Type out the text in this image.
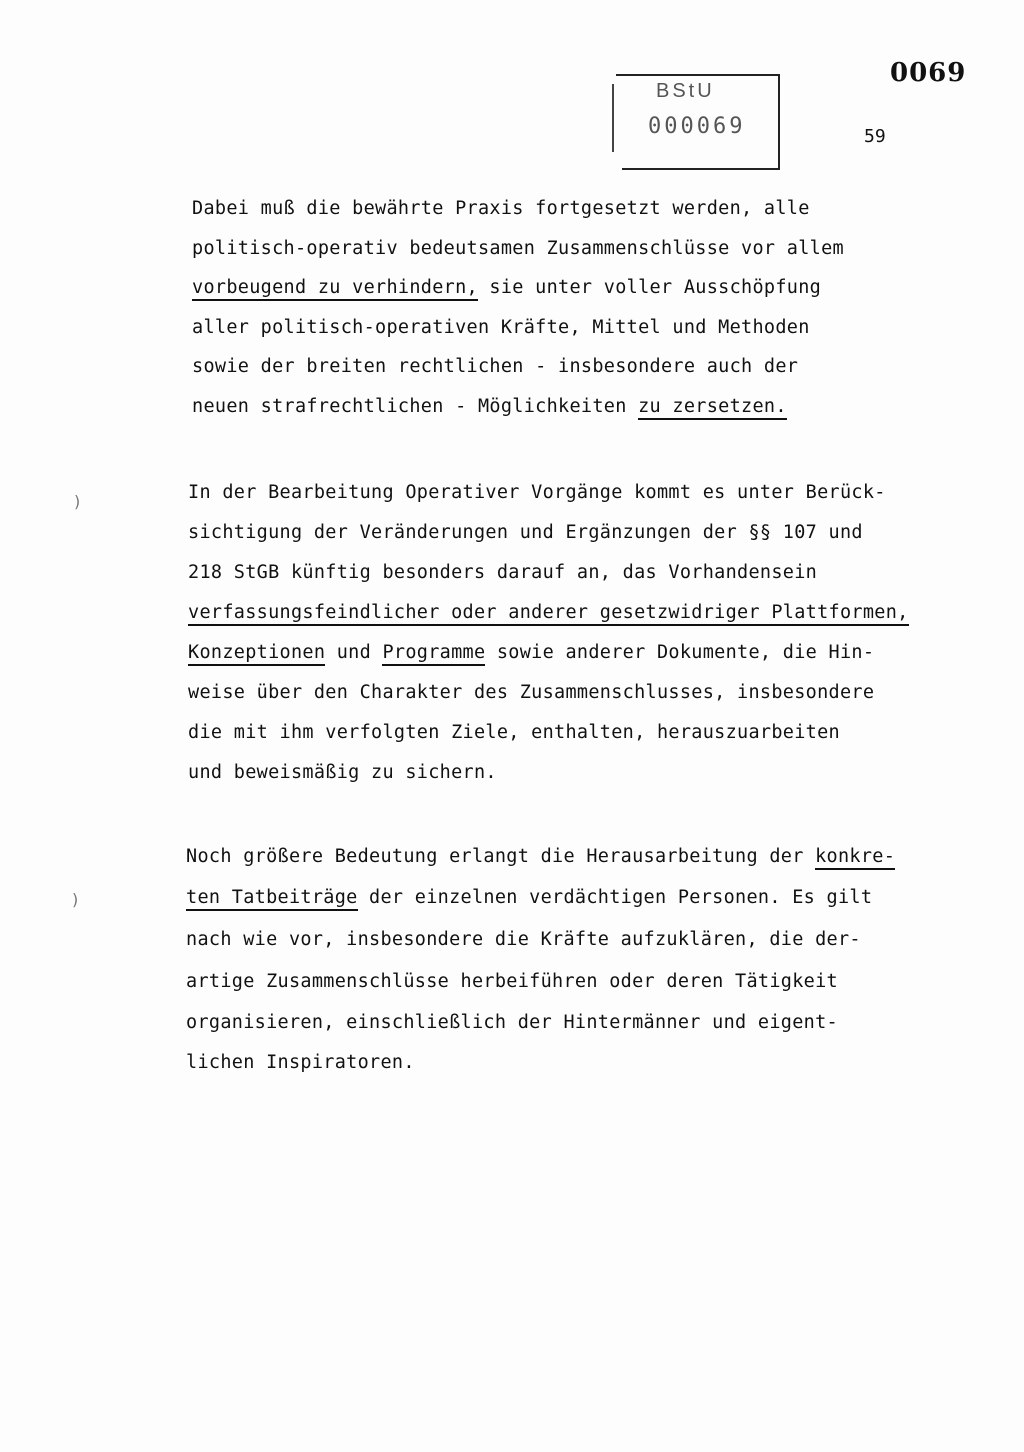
BStU
000069
0069
59
Dabei muß die bewährte Praxis fortgesetzt werden, alle
politisch-operativ bedeutsamen Zusammenschlüsse vor allem
vorbeugend zu verhindern, sie unter voller Ausschöpfung
aller politisch-operativen Kräfte, Mittel und Methoden
sowie der breiten rechtlichen - insbesondere auch der
neuen strafrechtlichen - Möglichkeiten zu zersetzen.
In der Bearbeitung Operativer Vorgänge kommt es unter Berück-
sichtigung der Veränderungen und Ergänzungen der §§ 107 und
218 StGB künftig besonders darauf an, das Vorhandensein
verfassungsfeindlicher oder anderer gesetzwidriger Plattformen,
Konzeptionen und Programme sowie anderer Dokumente, die Hin-
weise über den Charakter des Zusammenschlusses, insbesondere
die mit ihm verfolgten Ziele, enthalten, herauszuarbeiten
und beweismäßig zu sichern.
Noch größere Bedeutung erlangt die Herausarbeitung der konkre-
ten Tatbeiträge der einzelnen verdächtigen Personen. Es gilt
nach wie vor, insbesondere die Kräfte aufzuklären, die der-
artige Zusammenschlüsse herbeiführen oder deren Tätigkeit
organisieren, einschließlich der Hintermänner und eigent-
lichen Inspiratoren.
)
)
